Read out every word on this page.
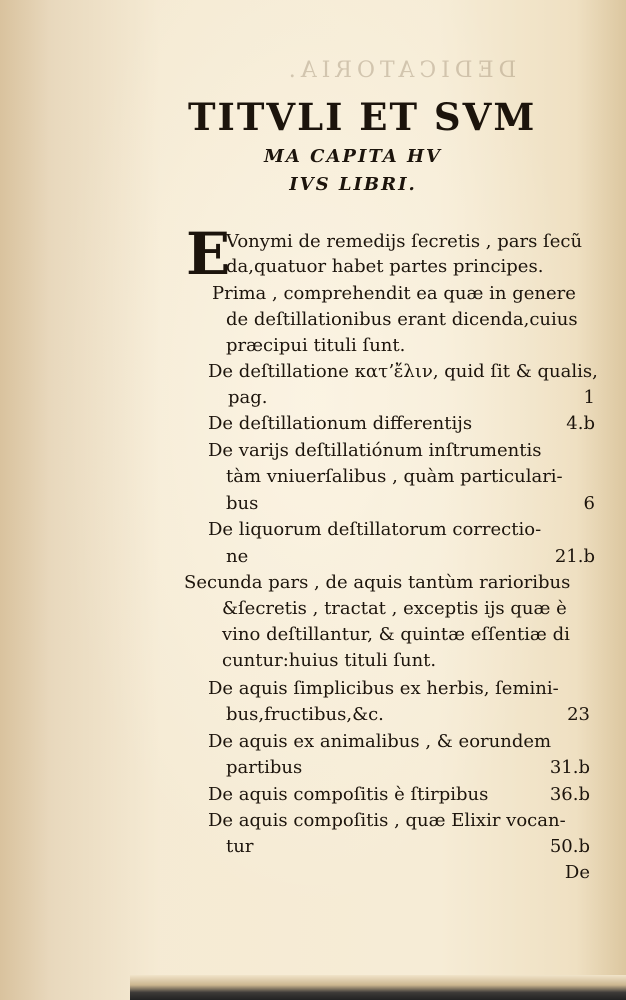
DEDICATORIA.
TITVLI ET SVM
MA CAPITA HV
IVS LIBRI.
E
Vonymi de remedijs ſecretis , pars ſecũ
da,quatuor habet partes principes.
Prima , comprehendit ea quæ in genere
de deſtillationibus erant dicenda,cuius
præcipui tituli ſunt.
De deſtillatione κατʼἔλιν, quid ſit & qualis,
pag.	1
De deſtillationum differentijs	4.b
De varijs deſtillatiónum inſtrumentis
tàm vniuerſalibus , quàm particulari-
bus	6
De liquorum deſtillatorum correctio-
ne	21.b
Secunda pars , de aquis tantùm rarioribus
&ſecretis , tractat , exceptis ijs quæ è
vino deſtillantur, & quintæ eſſentiæ di
cuntur:huius tituli ſunt.
De aquis ſimplicibus ex herbis, ſemini-
bus,fructibus,&c.	23
De aquis ex animalibus , & eorundem
partibus	31.b
De aquis compoſitis è ſtirpibus	36.b
De aquis compoſitis , quæ Elixir vocan-
tur	50.b
De
